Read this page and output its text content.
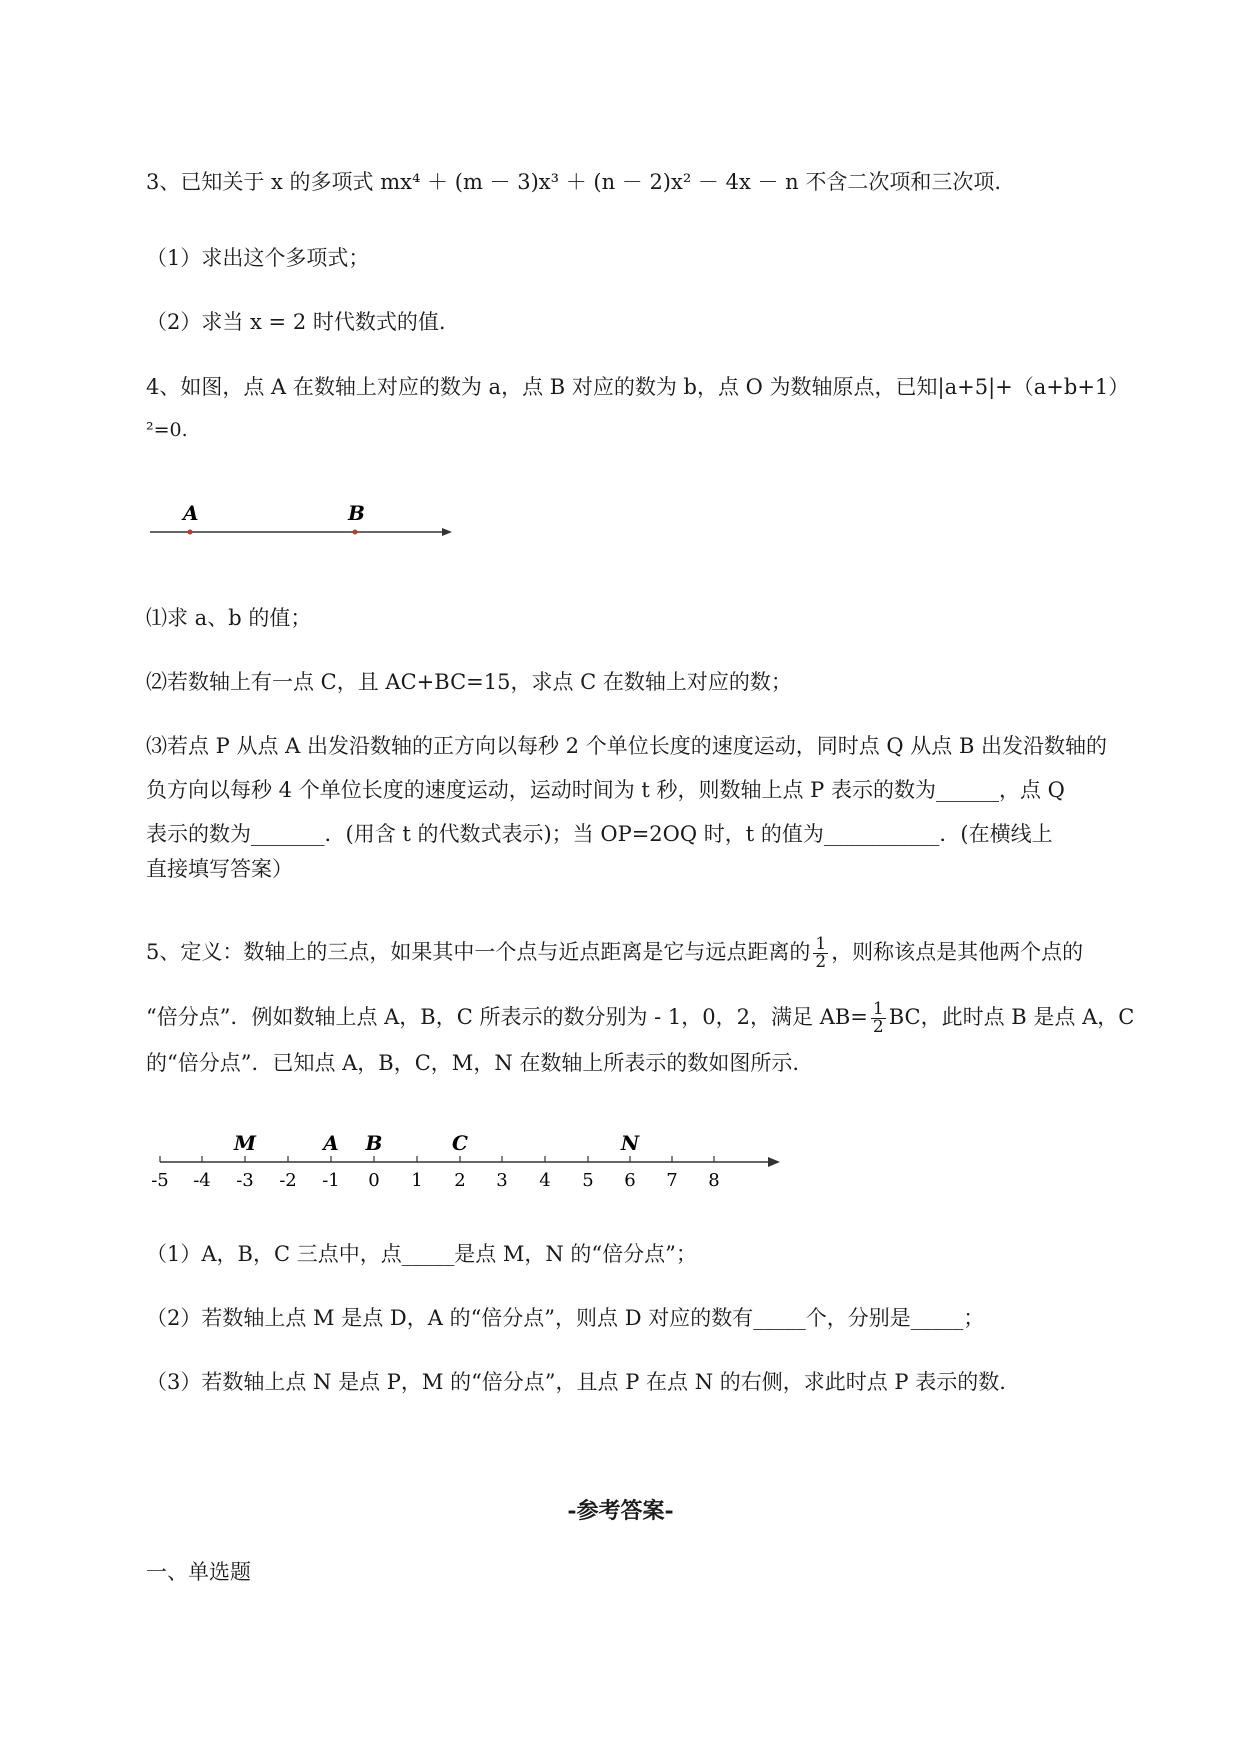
3、已知关于 x 的多项式 mx⁴ ＋ (m － 3)x³ ＋ (n － 2)x² － 4x － n 不含二次项和三次项.
（1）求出这个多项式；
（2）求当 x = 2 时代数式的值.
4、如图，点 A 在数轴上对应的数为 a，点 B 对应的数为 b，点 O 为数轴原点，已知|a+5|+（a+b+1）
²=0.
A	B
⑴求 a、b 的值；
⑵若数轴上有一点 C，且 AC+BC=15，求点 C 在数轴上对应的数；
⑶若点 P 从点 A 出发沿数轴的正方向以每秒 2 个单位长度的速度运动，同时点 Q 从点 B 出发沿数轴的
负方向以每秒 4 个单位长度的速度运动，运动时间为 t 秒，则数轴上点 P 表示的数为______，点 Q
表示的数为_______．(用含 t 的代数式表示)；当 OP=2OQ 时，t 的值为___________．(在横线上
直接填写答案）
5、定义：数轴上的三点，如果其中一个点与近点距离是它与远点距离的 $\frac{1}{2}$ ，则称该点是其他两个点的
“倍分点”．例如数轴上点 A，B，C 所表示的数分别为 - 1，0，2，满足 $AB= \frac{1}{2}$ BC，此时点 B 是点 A，C
的“倍分点”．已知点 A，B，C，M，N 在数轴上所表示的数如图所示.
-5 -4 -3 -2 -1 0 1 2 3 4 5 6 7 8
M	A B	C	N
（1）A，B，C 三点中，点_____是点 M，N 的“倍分点”；
（2）若数轴上点 M 是点 D，A 的“倍分点”，则点 D 对应的数有_____个，分别是_____；
（3）若数轴上点 N 是点 P，M 的“倍分点”，且点 P 在点 N 的右侧，求此时点 P 表示的数.
-参考答案-
一、单选题
